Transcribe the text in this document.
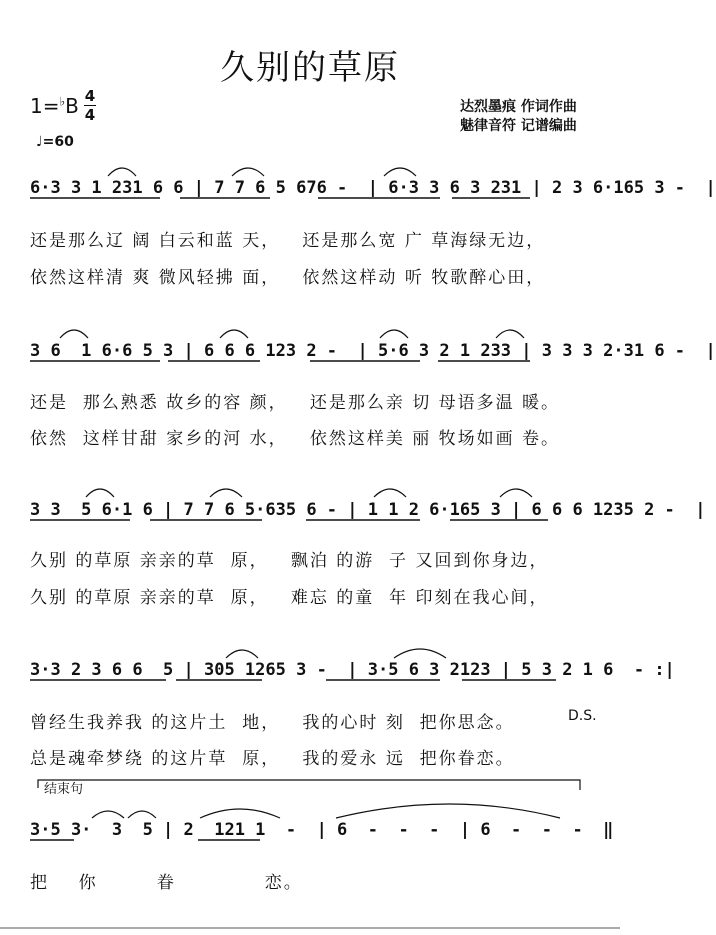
久别的草原
1=♭B 4
4
♩=60
达烈墨痕 作词作曲
魅律音符 记谱编曲
6·3 3 1 231 6 6 | 7 7 6 5 676 -  | 6·3 3 6 3 231 | 2 3 6·165 3 -  |
还是那么辽 阔 白云和蓝 天，   还是那么宽 广 草海绿无边，
依然这样清 爽 微风轻拂 面，   依然这样动 听 牧歌醉心田，
3 6  1 6·6 5 3 | 6 6 6 123 2 -  | 5·6 3 2 1 233 | 3 3 3 2·31 6 -  |
还是  那么熟悉 故乡的容 颜，   还是那么亲 切 母语多温 暖。
依然  这样甘甜 家乡的河 水，   依然这样美 丽 牧场如画 卷。
3 3  5 6·1 6 | 7 7 6 5·635 6 - | 1 1 2 6·165 3 | 6 6 6 1235 2 -  |
久别 的草原 亲亲的草  原，   飘泊 的游  子 又回到你身边，
久别 的草原 亲亲的草  原，   难忘 的童  年 印刻在我心间，
3·3 2 3 6 6  5 | 305 1265 3 -  | 3·5 6 3 2123 | 5 3 2 1 6  - :|
曾经生我养我 的这片土  地，   我的心时 刻  把你思念。	D.S.
总是魂牵梦绕 的这片草  原，   我的爱永 远  把你眷恋。
结束句
3·5 3·  3  5 | 2  121 1  -  | 6  -  -  -  | 6  -  -  -  ‖
把    你        眷            恋。
